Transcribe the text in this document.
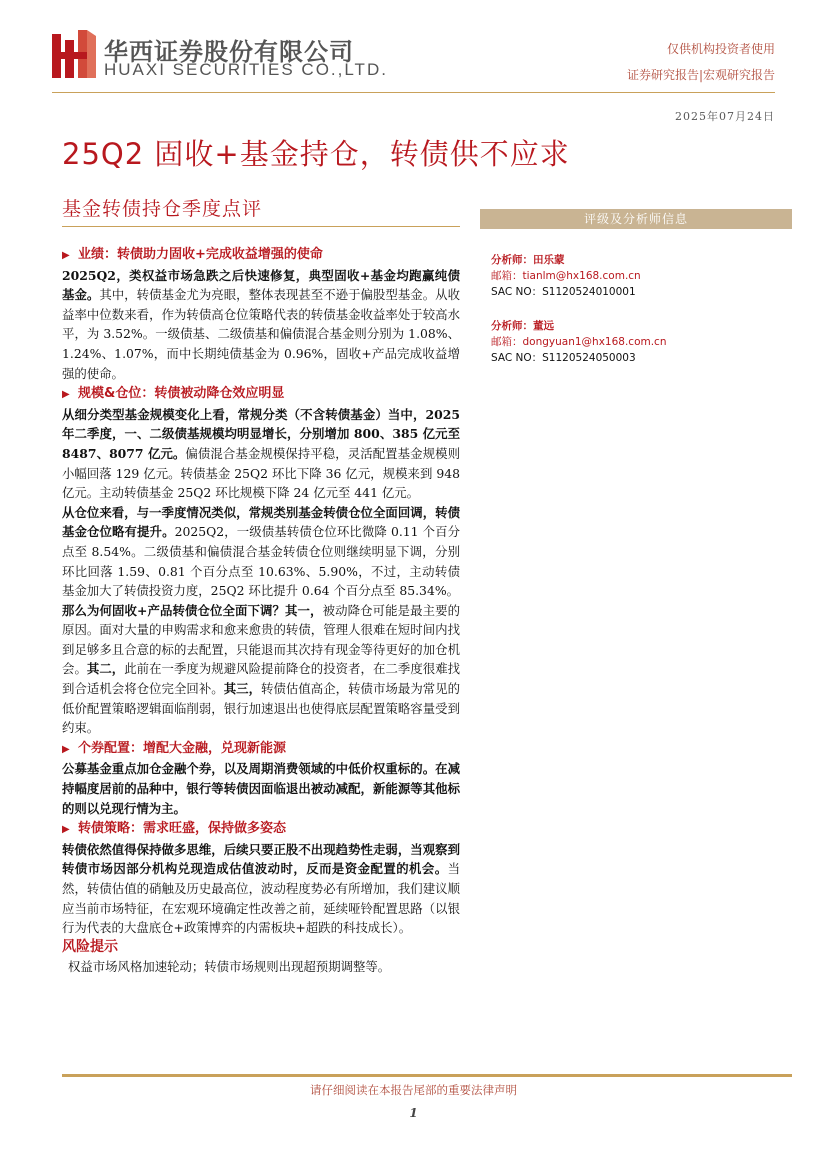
华西证券股份有限公司
HUAXI SECURITIES CO.,LTD.
仅供机构投资者使用
证券研究报告|宏观研究报告
2025年07月24日
25Q2 固收+基金持仓，转债供不应求
基金转债持仓季度点评	评级及分析师信息
分析师：田乐蒙
邮箱：tianlm@hx168.com.cn
SAC NO：S1120524010001
分析师：董远
邮箱：dongyuan1@hx168.com.cn
SAC NO：S1120524050003
▶ 业绩：转债助力固收+完成收益增强的使命

2025Q2，类权益市场急跌之后快速修复，典型固收+基金均跑赢纯债基金。其中，转债基金尤为亮眼，整体表现甚至不逊于偏股型基金。从收益率中位数来看，作为转债高仓位策略代表的转债基金收益率处于较高水平，为 3.52%。一级债基、二级债基和偏债混合基金则分别为 1.08%、1.24%、1.07%，而中长期纯债基金为 0.96%，固收+产品完成收益增强的使命。

▶ 规模&仓位：转债被动降仓效应明显

从细分类型基金规模变化上看，常规分类（不含转债基金）当中，2025 年二季度，一、二级债基规模均明显增长，分别增加 800、385 亿元至 8487、8077 亿元。偏债混合基金规模保持平稳，灵活配置基金规模则小幅回落 129 亿元。转债基金 25Q2 环比下降 36 亿元，规模来到 948 亿元。主动转债基金 25Q2 环比规模下降 24 亿元至 441 亿元。

从仓位来看，与一季度情况类似，常规类别基金转债仓位全面回调，转债基金仓位略有提升。2025Q2，一级债基转债仓位环比微降 0.11 个百分点至 8.54%。二级债基和偏债混合基金转债仓位则继续明显下调，分别环比回落 1.59、0.81 个百分点至 10.63%、5.90%，不过，主动转债基金加大了转债投资力度，25Q2 环比提升 0.64 个百分点至 85.34%。

那么为何固收+产品转债仓位全面下调？其一，被动降仓可能是最主要的原因。面对大量的申购需求和愈来愈贵的转债，管理人很难在短时间内找到足够多且合意的标的去配置，只能退而其次持有现金等待更好的加仓机会。其二，此前在一季度为规避风险提前降仓的投资者，在二季度很难找到合适机会将仓位完全回补。其三，转债估值高企，转债市场最为常见的低价配置策略逻辑面临削弱，银行加速退出也使得底层配置策略容量受到约束。

▶ 个券配置：增配大金融，兑现新能源

公募基金重点加仓金融个券，以及周期消费领域的中低价权重标的。在减持幅度居前的品种中，银行等转债因面临退出被动减配，新能源等其他标的则以兑现行情为主。

▶ 转债策略：需求旺盛，保持做多姿态

转债依然值得保持做多思维，后续只要正股不出现趋势性走弱，当观察到转债市场因部分机构兑现造成估值波动时，反而是资金配置的机会。当然，转债估值的硝触及历史最高位，波动程度势必有所增加，我们建议顺应当前市场特征，在宏观环境确定性改善之前，延续哑铃配置思路（以银行为代表的大盘底仓+政策博弈的内需板块+超跌的科技成长）。

风险提示

权益市场风格加速轮动；转债市场规则出现超预期调整等。

请仔细阅读在本报告尾部的重要法律声明
1
